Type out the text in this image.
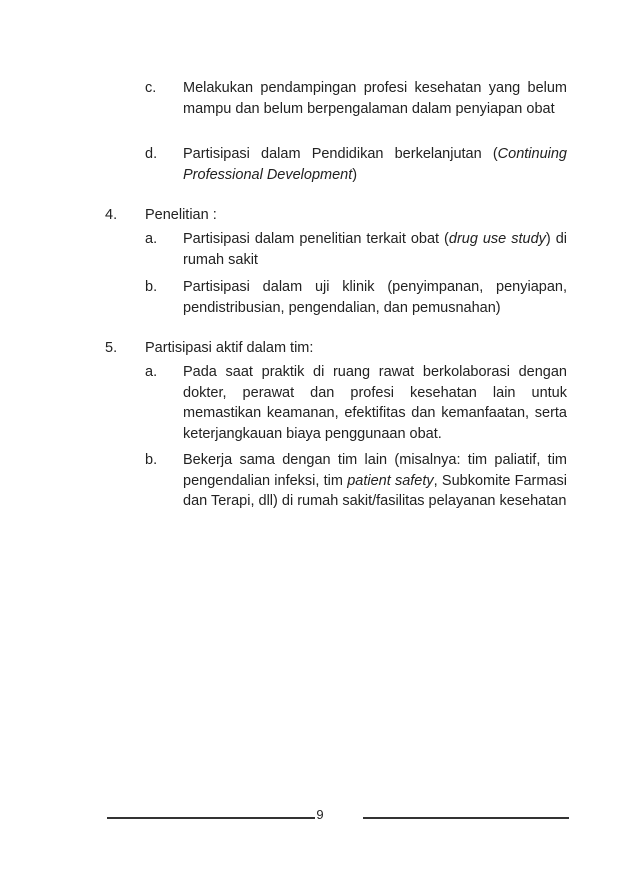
c. Melakukan pendampingan profesi kesehatan yang belum mampu dan belum berpengalaman dalam penyiapan obat

d. Partisipasi dalam Pendidikan berkelanjutan (Continuing Professional Development)

4. Penelitian :
a. Partisipasi dalam penelitian terkait obat (drug use study) di rumah sakit

b. Partisipasi dalam uji klinik (penyimpanan, penyiapan, pendistribusian, pengendalian, dan pemusnahan)

5. Partisipasi aktif dalam tim:
a. Pada saat praktik di ruang rawat berkolaborasi dengan dokter, perawat dan profesi kesehatan lain untuk memastikan keamanan, efektifitas dan kemanfaatan, serta keterjangkauan biaya penggunaan obat.

b. Bekerja sama dengan tim lain (misalnya: tim paliatif, tim pengendalian infeksi, tim patient safety, Subkomite Farmasi dan Terapi, dll) di rumah sakit/fasilitas pelayanan kesehatan

9
